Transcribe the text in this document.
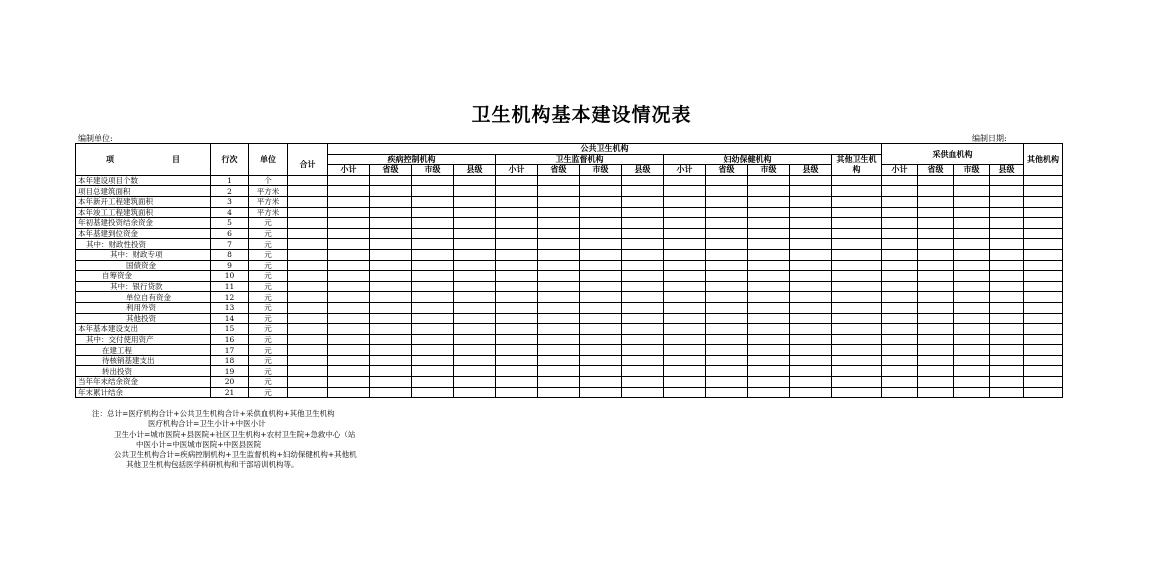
卫生机构基本建设情况表
编制单位:	编制日期:
项 目	行次	单位		公共卫生机构													采供血机构				其他机构
			合计	疾病控制机构				卫生监督机构				妇幼保健机构				其他卫生机					
				小计	省级	市级	县级	小计	省级	市级	县级	小计	省级	市级	县级	构	小计	省级	市级	县级	
本年建设项目个数	1	个																			
项目总建筑面积	2	平方米																			
本年新开工程建筑面积	3	平方米																			
本年竣工工程建筑面积	4	平方米																			
年初基建投资结余资金	5	元																			
本年基建到位资金	6	元																			
其中：财政性投资	7	元																			
其中：财政专项	8	元																			
国债资金	9	元																			
自筹资金	10	元																			
其中：银行贷款	11	元																			
单位自有资金	12	元																			
利用外资	13	元																			
其他投资	14	元																			
本年基本建设支出	15	元																			
其中：交付使用资产	16	元																			
在建工程	17	元																			
待核销基建支出	18	元																			
转出投资	19	元																			
当年年末结余资金	20	元																			
年末累计结余	21	元																			
注：总计=医疗机构合计+公共卫生机构合计+采供血机构+其他卫生机构
医疗机构合计=卫生小计+中医小计
卫生小计=城市医院+县医院+社区卫生机构+农村卫生院+急救中心（站
中医小计=中医城市医院+中医县医院
公共卫生机构合计=疾病控制机构+卫生监督机构+妇幼保健机构+其他机
其他卫生机构包括医学科研机构和干部培训机构等。
